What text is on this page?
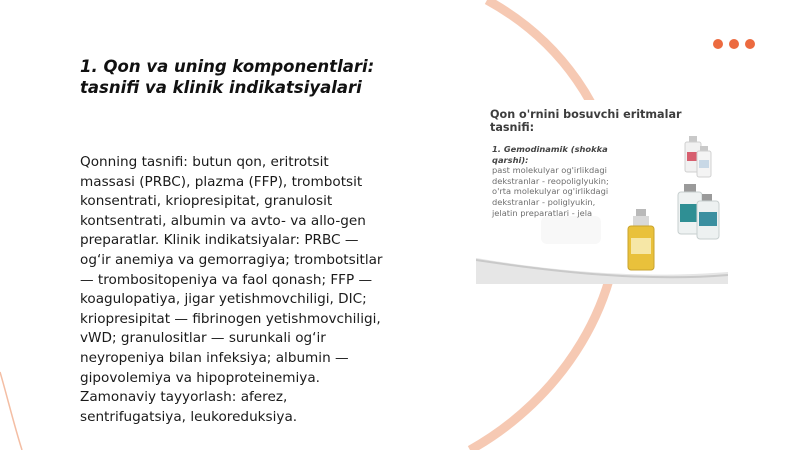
1. Qon va uning komponentlari:
tasnifi va klinik indikatsiyalari
Qonning tasnifi: butun qon, eritrotsit
massasi (PRBC), plazma (FFP), trombotsit
konsentrati, kriopresipitat, granulosit
kontsentrati, albumin va avto- va allo-gen
preparatlar. Klinik indikatsiyalar: PRBC —
og‘ir anemiya va gemorragiya; trombotsitlar
— trombositopeniya va faol qonash; FFP —
koagulopatiya, jigar yetishmovchiligi, DIC;
kriopresipitat — fibrinogen yetishmovchiligi,
vWD; granulositlar — surunkali og‘ir
neyropeniya bilan infeksiya; albumin —
gipovolemiya va hipoproteinemiya.
Zamonaviy tayyorlash: aferez,
sentrifugatsiya, leukoreduksiya.
Qon o'rnini bosuvchi eritmalar
tasnifi:
1. Gemodinamik (shokka
qarshi):
past molekulyar og'irlikdagi
dekstranlar - reopoliglyukin;
o'rta molekulyar og'irlikdagi
dekstranlar - poliglyukin,
jelatin preparatlari - jela
